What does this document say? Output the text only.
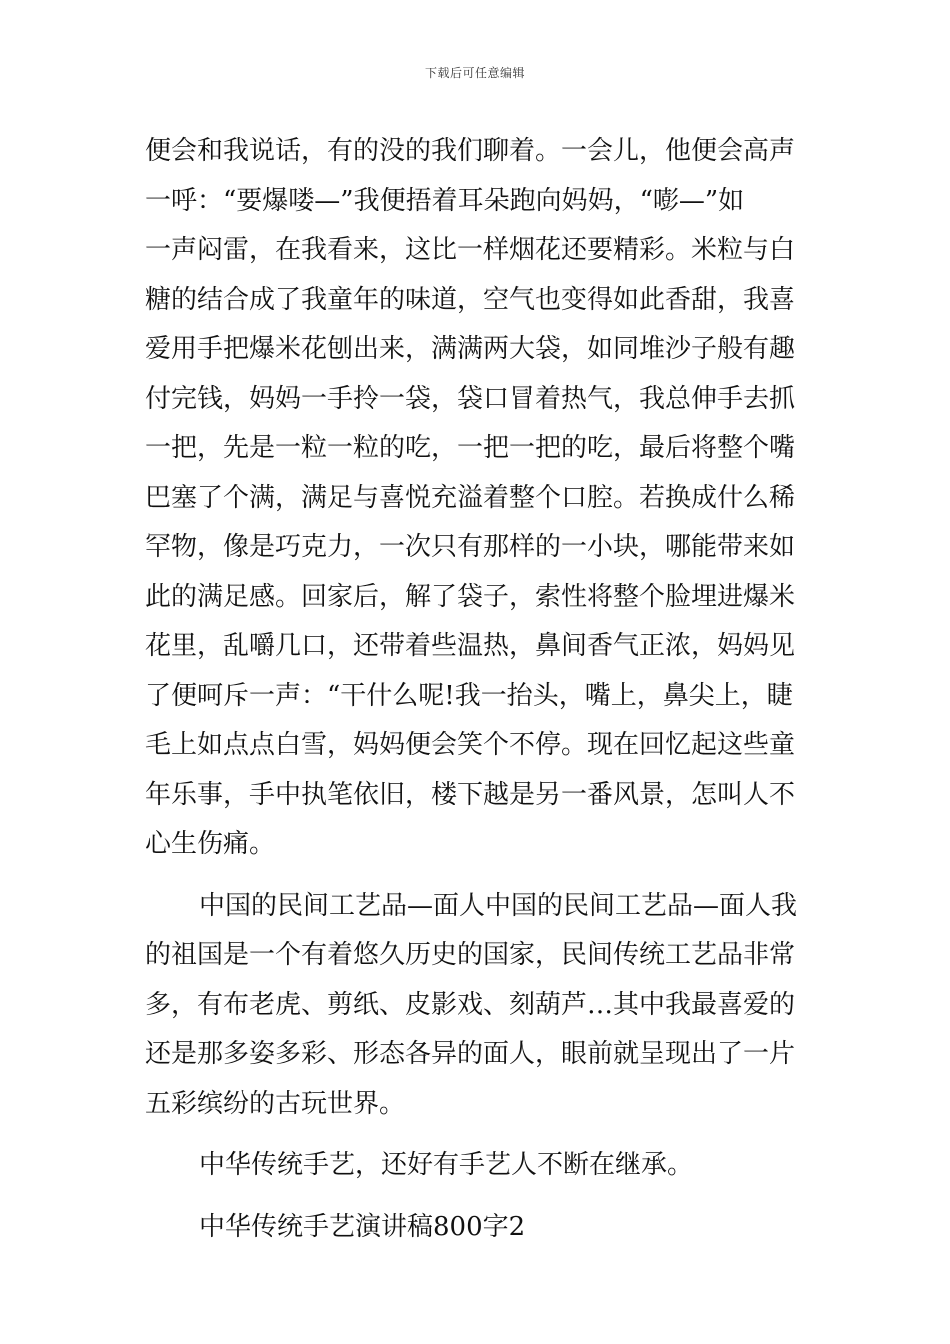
下载后可任意编辑
便会和我说话，有的没的我们聊着。一会儿，他便会高声
一呼：“要爆喽—”我便捂着耳朵跑向妈妈，“嘭—”如
一声闷雷，在我看来，这比一样烟花还要精彩。米粒与白
糖的结合成了我童年的味道，空气也变得如此香甜，我喜
爱用手把爆米花刨出来，满满两大袋，如同堆沙子般有趣
付完钱，妈妈一手拎一袋，袋口冒着热气，我总伸手去抓
一把，先是一粒一粒的吃，一把一把的吃，最后将整个嘴
巴塞了个满，满足与喜悦充溢着整个口腔。若换成什么稀
罕物，像是巧克力，一次只有那样的一小块，哪能带来如
此的满足感。回家后，解了袋子，索性将整个脸埋进爆米
花里，乱嚼几口，还带着些温热，鼻间香气正浓，妈妈见
了便呵斥一声：“干什么呢!我一抬头，嘴上，鼻尖上，睫
毛上如点点白雪，妈妈便会笑个不停。现在回忆起这些童
年乐事，手中执笔依旧，楼下越是另一番风景，怎叫人不
心生伤痛。
中国的民间工艺品—面人中国的民间工艺品—面人我
的祖国是一个有着悠久历史的国家，民间传统工艺品非常
多，有布老虎、剪纸、皮影戏、刻葫芦…其中我最喜爱的
还是那多姿多彩、形态各异的面人，眼前就呈现出了一片
五彩缤纷的古玩世界。
中华传统手艺，还好有手艺人不断在继承。
中华传统手艺演讲稿800字2
